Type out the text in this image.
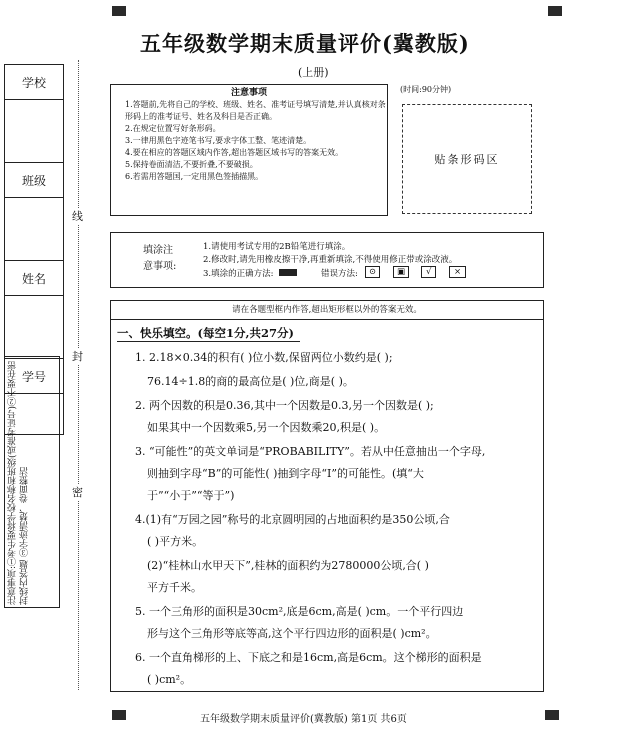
五年级数学期末质量评价(冀教版)
(上册)
学校
班级
姓名
学号
线
封
密
注意事项:①考生要将学校名称和班级(或准考证号)②不要在密封线内答题 ③字迹清楚、卷面整洁
注意事项
1.答题前,先将自己的学校、班级、姓名、准考证号填写清楚,并认真核对条形码上的准考证号、姓名及科目是否正确。
2.在规定位置写好条形码。
3.一律用黑色字迹笔书写,要求字体工整、笔迹清楚。
4.要在相应的答题区域内作答,超出答题区域书写的答案无效。
5.保持卷面清洁,不要折叠,不要破损。
6.若需用答题国,一定用黑色签插描黑。
(时间:90分钟)
贴条形码区
填涂注
意事项:
1.请使用考试专用的2B铅笔进行填涂。
2.修改时,请先用橡皮擦干净,再重新填涂,不得使用修正带或涂改液。
3.填涂的正确方法:	错误方法:	⊙	▣	√	×
请在各题型框内作答,超出矩形框以外的答案无效。
一、快乐填空。(每空1分,共27分)
1. 2.18×0.34的积有( )位小数,保留两位小数约是( );
76.14÷1.8的商的最高位是( )位,商是( )。
2. 两个因数的积是0.36,其中一个因数是0.3,另一个因数是( );
如果其中一个因数乘5,另一个因数乘20,积是( )。
3. “可能性”的英文单词是“PROBABILITY”。若从中任意抽出一个字母,
则抽到字母“B”的可能性( )抽到字母“I”的可能性。(填“大
于”“小于”“等于”)
4.(1)有“万园之园”称号的北京圆明园的占地面积约是350公顷,合
( )平方米。
(2)“桂林山水甲天下”,桂林的面积约为2780000公顷,合( )
平方千米。
5. 一个三角形的面积是30cm²,底是6cm,高是( )cm。一个平行四边
形与这个三角形等底等高,这个平行四边形的面积是( )cm²。
6. 一个直角梯形的上、下底之和是16cm,高是6cm。这个梯形的面积是
( )cm²。
五年级数学期末质量评价(冀教版) 第1页 共6页
